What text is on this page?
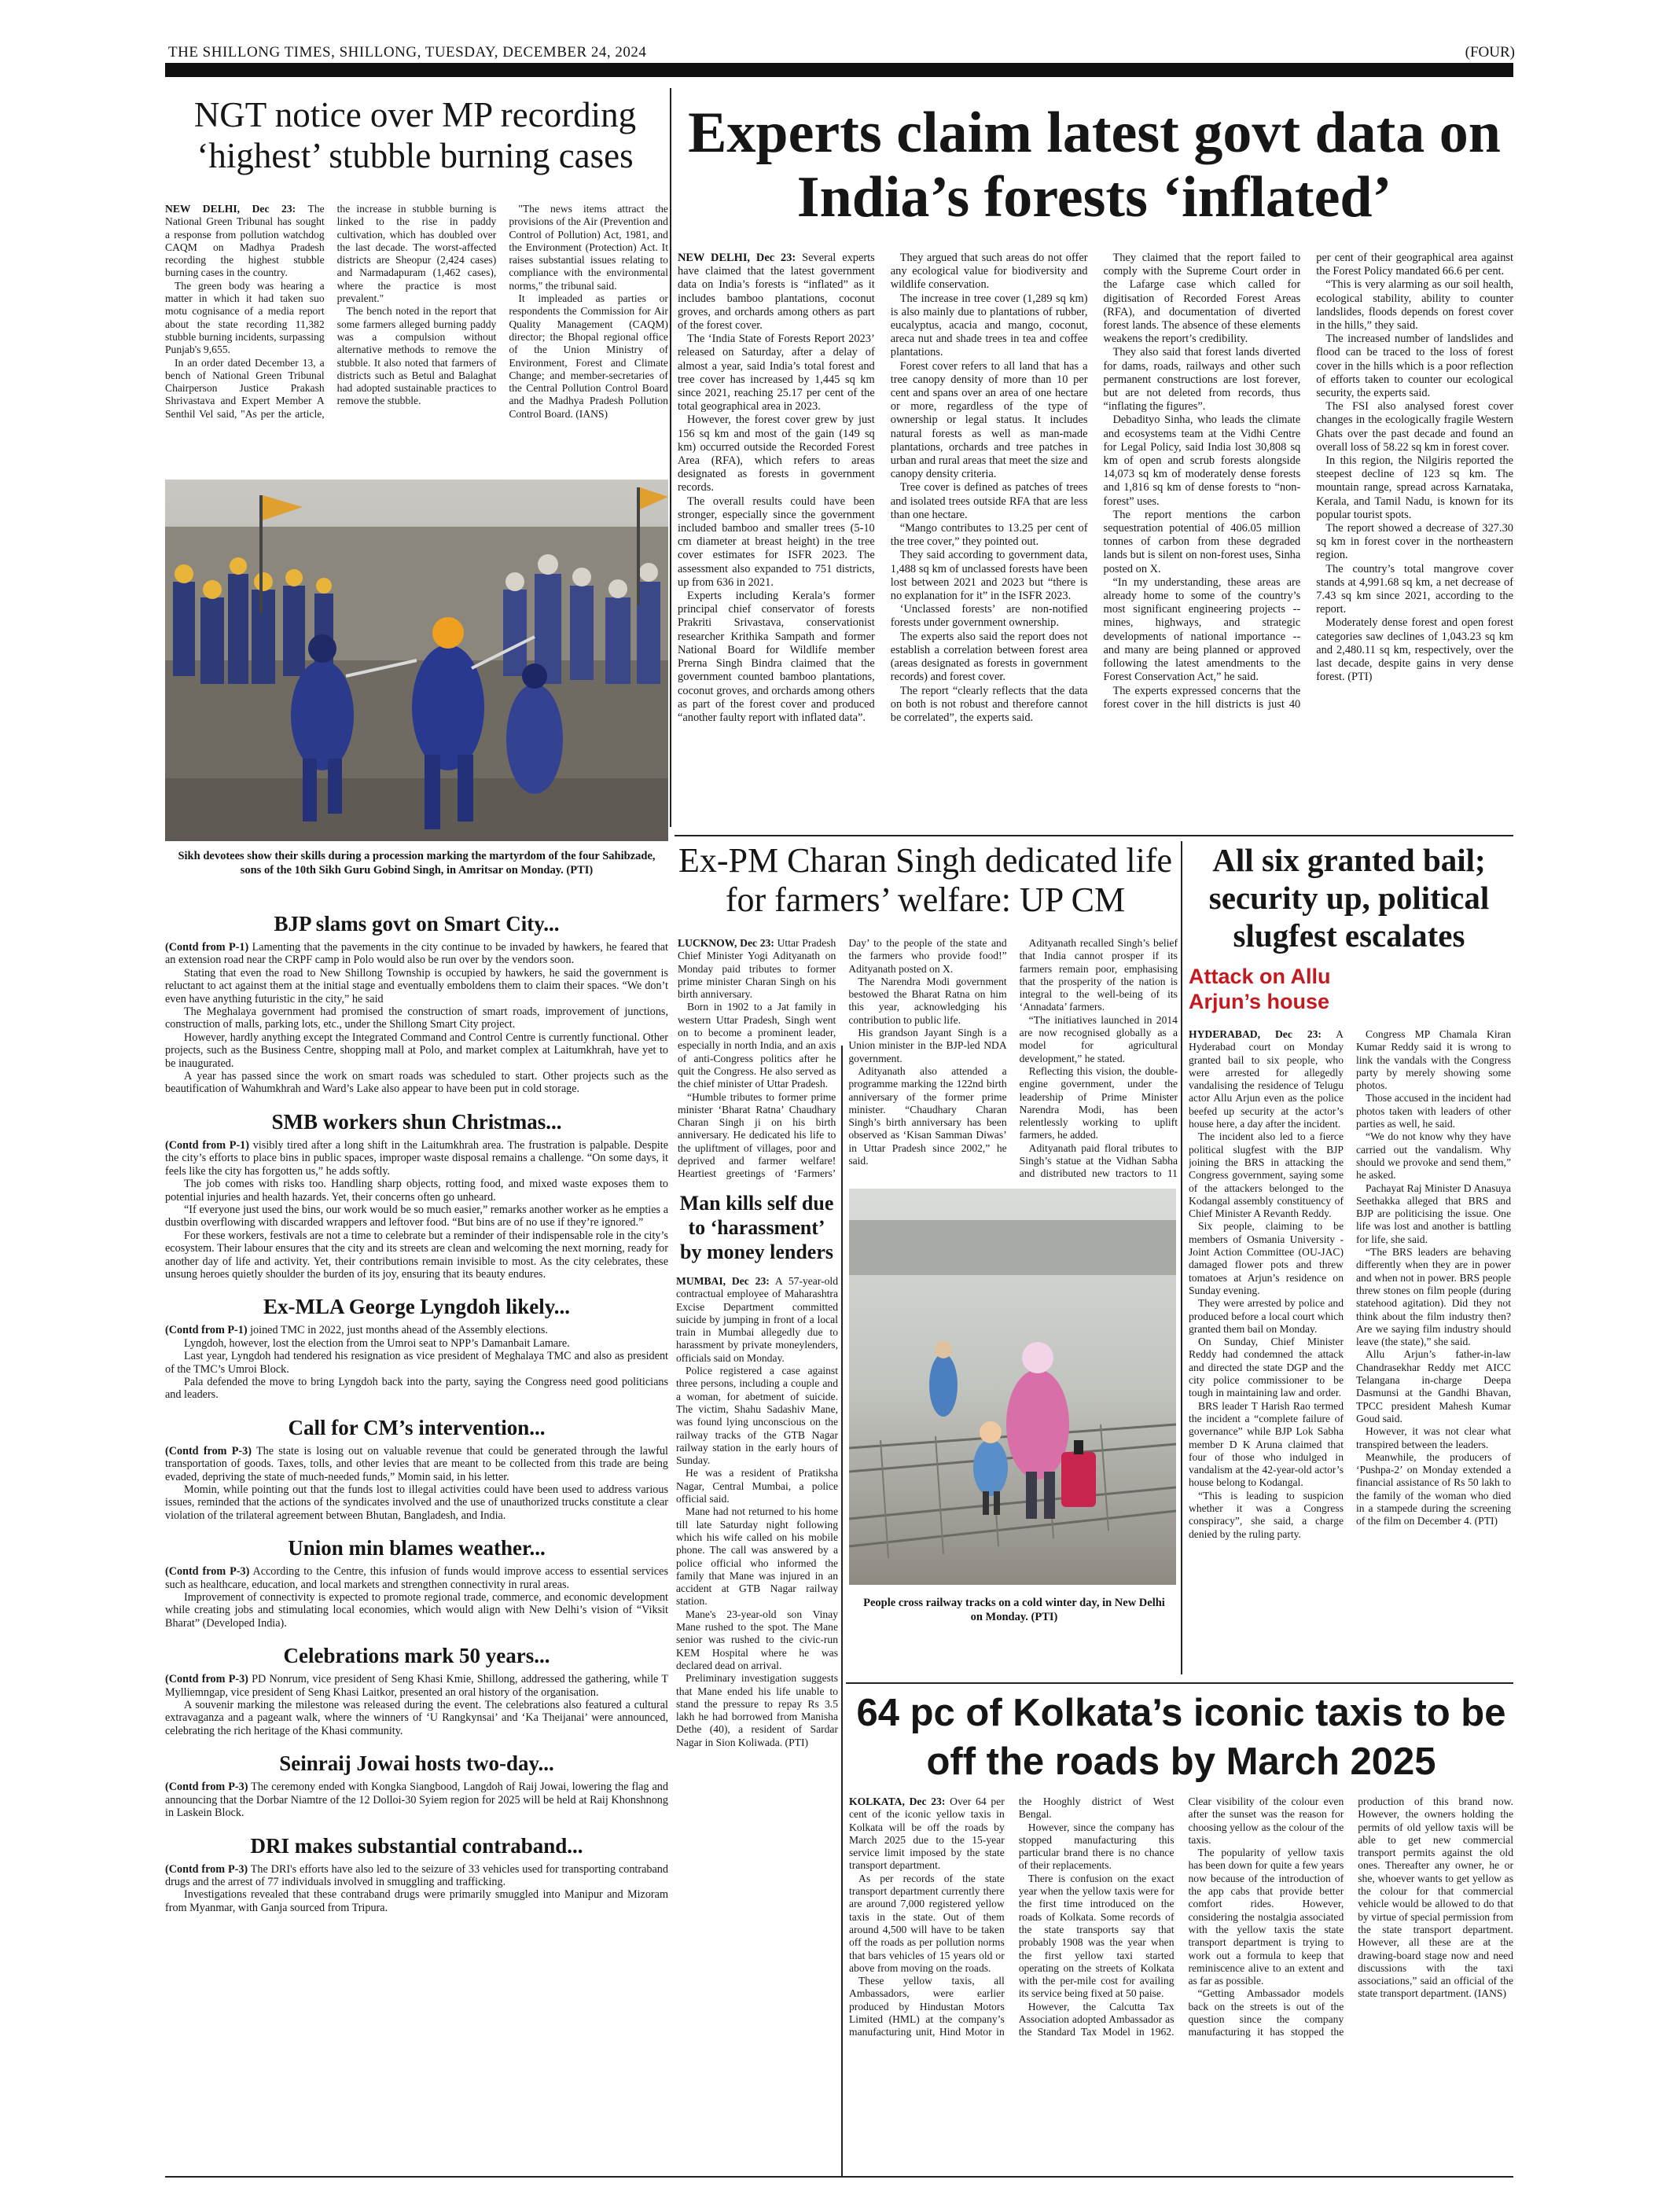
THE SHILLONG TIMES, SHILLONG, TUESDAY, DECEMBER 24, 2024	(FOUR)
NGT notice over MP recording ‘highest’ stubble burning cases

NEW DELHI, Dec 23: The National Green Tribunal has sought a response from pollution watchdog CAQM on Madhya Pradesh recording the highest stubble burning cases in the country.

The green body was hearing a matter in which it had taken suo motu cognisance of a media report about the state recording 11,382 stubble burning incidents, surpassing Punjab's 9,655.

In an order dated December 13, a bench of National Green Tribunal Chairperson Justice Prakash Shrivastava and Expert Member A Senthil Vel said, "As per the article, the increase in stubble burning is linked to the rise in paddy cultivation, which has doubled over the last decade. The worst-affected districts are Sheopur (2,424 cases) and Narmadapuram (1,462 cases), where the practice is most prevalent."

The bench noted in the report that some farmers alleged burning paddy was a compulsion without alternative methods to remove the stubble. It also noted that farmers of districts such as Betul and Balaghat had adopted sustainable practices to remove the stubble.

"The news items attract the provisions of the Air (Prevention and Control of Pollution) Act, 1981, and the Environment (Protection) Act. It raises substantial issues relating to compliance with the environmental norms," the tribunal said.

It impleaded as parties or respondents the Commission for Air Quality Management (CAQM) director; the Bhopal regional office of the Union Ministry of Environment, Forest and Climate Change; and member-secretaries of the Central Pollution Control Board and the Madhya Pradesh Pollution Control Board. (IANS)

Sikh devotees show their skills during a procession marking the martyrdom of the four Sahibzade, sons of the 10th Sikh Guru Gobind Singh, in Amritsar on Monday. (PTI)
Experts claim latest govt data on India’s forests ‘inflated’

NEW DELHI, Dec 23: Several experts have claimed that the latest government data on India’s forests is “inflated” as it includes bamboo plantations, coconut groves, and orchards among others as part of the forest cover.

The ‘India State of Forests Report 2023’ released on Saturday, after a delay of almost a year, said India’s total forest and tree cover has increased by 1,445 sq km since 2021, reaching 25.17 per cent of the total geographical area in 2023.

However, the forest cover grew by just 156 sq km and most of the gain (149 sq km) occurred outside the Recorded Forest Area (RFA), which refers to areas designated as forests in government records.

The overall results could have been stronger, especially since the government included bamboo and smaller trees (5-10 cm diameter at breast height) in the tree cover estimates for ISFR 2023. The assessment also expanded to 751 districts, up from 636 in 2021.

Experts including Kerala’s former principal chief conservator of forests Prakriti Srivastava, conservationist researcher Krithika Sampath and former National Board for Wildlife member Prerna Singh Bindra claimed that the government counted bamboo plantations, coconut groves, and orchards among others as part of the forest cover and produced “another faulty report with inflated data”.

They argued that such areas do not offer any ecological value for biodiversity and wildlife conservation.

The increase in tree cover (1,289 sq km) is also mainly due to plantations of rubber, eucalyptus, acacia and mango, coconut, areca nut and shade trees in tea and coffee plantations.

Forest cover refers to all land that has a tree canopy density of more than 10 per cent and spans over an area of one hectare or more, regardless of the type of ownership or legal status. It includes natural forests as well as man-made plantations, orchards and tree patches in urban and rural areas that meet the size and canopy density criteria.

Tree cover is defined as patches of trees and isolated trees outside RFA that are less than one hectare.

“Mango contributes to 13.25 per cent of the tree cover,” they pointed out.

They said according to government data, 1,488 sq km of unclassed forests have been lost between 2021 and 2023 but “there is no explanation for it” in the ISFR 2023.

‘Unclassed forests’ are non-notified forests under government ownership.

The experts also said the report does not establish a correlation between forest area (areas designated as forests in government records) and forest cover.

The report “clearly reflects that the data on both is not robust and therefore cannot be correlated”, the experts said.

They claimed that the report failed to comply with the Supreme Court order in the Lafarge case which called for digitisation of Recorded Forest Areas (RFA), and documentation of diverted forest lands. The absence of these elements weakens the report’s credibility.

They also said that forest lands diverted for dams, roads, railways and other such permanent constructions are lost forever, but are not deleted from records, thus “inflating the figures”.

Debadityo Sinha, who leads the climate and ecosystems team at the Vidhi Centre for Legal Policy, said India lost 30,808 sq km of open and scrub forests alongside 14,073 sq km of moderately dense forests and 1,816 sq km of dense forests to “non-forest” uses.

The report mentions the carbon sequestration potential of 406.05 million tonnes of carbon from these degraded lands but is silent on non-forest uses, Sinha posted on X.

“In my understanding, these areas are already home to some of the country’s most significant engineering projects -- mines, highways, and strategic developments of national importance -- and many are being planned or approved following the latest amendments to the Forest Conservation Act,” he said.

The experts expressed concerns that the forest cover in the hill districts is just 40 per cent of their geographical area against the Forest Policy mandated 66.6 per cent.

“This is very alarming as our soil health, ecological stability, ability to counter landslides, floods depends on forest cover in the hills,” they said.

The increased number of landslides and flood can be traced to the loss of forest cover in the hills which is a poor reflection of efforts taken to counter our ecological security, the experts said.

The FSI also analysed forest cover changes in the ecologically fragile Western Ghats over the past decade and found an overall loss of 58.22 sq km in forest cover.

In this region, the Nilgiris reported the steepest decline of 123 sq km. The mountain range, spread across Karnataka, Kerala, and Tamil Nadu, is known for its popular tourist spots.

The report showed a decrease of 327.30 sq km in forest cover in the northeastern region.

The country’s total mangrove cover stands at 4,991.68 sq km, a net decrease of 7.43 sq km since 2021, according to the report.

Moderately dense forest and open forest categories saw declines of 1,043.23 sq km and 2,480.11 sq km, respectively, over the last decade, despite gains in very dense forest. (PTI)

BJP slams govt on Smart City...

(Contd from P-1) Lamenting that the pavements in the city continue to be invaded by hawkers, he feared that an extension road near the CRPF camp in Polo would also be run over by the vendors soon.

Stating that even the road to New Shillong Township is occupied by hawkers, he said the government is reluctant to act against them at the initial stage and eventually emboldens them to claim their spaces. “We don’t even have anything futuristic in the city,” he said

The Meghalaya government had promised the construction of smart roads, improvement of junctions, construction of malls, parking lots, etc., under the Shillong Smart City project.

However, hardly anything except the Integrated Command and Control Centre is currently functional. Other projects, such as the Business Centre, shopping mall at Polo, and market complex at Laitumkhrah, have yet to be inaugurated.

A year has passed since the work on smart roads was scheduled to start. Other projects such as the beautification of Wahumkhrah and Ward’s Lake also appear to have been put in cold storage.

SMB workers shun Christmas...

(Contd from P-1) visibly tired after a long shift in the Laitumkhrah area. The frustration is palpable. Despite the city’s efforts to place bins in public spaces, improper waste disposal remains a challenge. “On some days, it feels like the city has forgotten us,” he adds softly.

The job comes with risks too. Handling sharp objects, rotting food, and mixed waste exposes them to potential injuries and health hazards. Yet, their concerns often go unheard.

“If everyone just used the bins, our work would be so much easier,” remarks another worker as he empties a dustbin overflowing with discarded wrappers and leftover food. “But bins are of no use if they’re ignored.”

For these workers, festivals are not a time to celebrate but a reminder of their indispensable role in the city’s ecosystem. Their labour ensures that the city and its streets are clean and welcoming the next morning, ready for another day of life and activity. Yet, their contributions remain invisible to most. As the city celebrates, these unsung heroes quietly shoulder the burden of its joy, ensuring that its beauty endures.

Ex-MLA George Lyngdoh likely...

(Contd from P-1) joined TMC in 2022, just months ahead of the Assembly elections.

Lyngdoh, however, lost the election from the Umroi seat to NPP’s Damanbait Lamare.

Last year, Lyngdoh had tendered his resignation as vice president of Meghalaya TMC and also as president of the TMC’s Umroi Block.

Pala defended the move to bring Lyngdoh back into the party, saying the Congress need good politicians and leaders.

Call for CM’s intervention...

(Contd from P-3) The state is losing out on valuable revenue that could be generated through the lawful transportation of goods. Taxes, tolls, and other levies that are meant to be collected from this trade are being evaded, depriving the state of much-needed funds,” Momin said, in his letter.

Momin, while pointing out that the funds lost to illegal activities could have been used to address various issues, reminded that the actions of the syndicates involved and the use of unauthorized trucks constitute a clear violation of the trilateral agreement between Bhutan, Bangladesh, and India.

Union min blames weather...

(Contd from P-3) According to the Centre, this infusion of funds would improve access to essential services such as healthcare, education, and local markets and strengthen connectivity in rural areas.

Improvement of connectivity is expected to promote regional trade, commerce, and economic development while creating jobs and stimulating local economies, which would align with New Delhi’s vision of “Viksit Bharat” (Developed India).

Celebrations mark 50 years...

(Contd from P-3) PD Nonrum, vice president of Seng Khasi Kmie, Shillong, addressed the gathering, while T Mylliemngap, vice president of Seng Khasi Laitkor, presented an oral history of the organisation.

A souvenir marking the milestone was released during the event. The celebrations also featured a cultural extravaganza and a pageant walk, where the winners of ‘U Rangkynsai’ and ‘Ka Theijanai’ were announced, celebrating the rich heritage of the Khasi community.

Seinraij Jowai hosts two-day...

(Contd from P-3) The ceremony ended with Kongka Siangbood, Langdoh of Raij Jowai, lowering the flag and announcing that the Dorbar Niamtre of the 12 Dolloi-30 Syiem region for 2025 will be held at Raij Khonshnong in Laskein Block.

DRI makes substantial contraband...

(Contd from P-3) The DRI's efforts have also led to the seizure of 33 vehicles used for transporting contraband drugs and the arrest of 77 individuals involved in smuggling and trafficking.

Investigations revealed that these contraband drugs were primarily smuggled into Manipur and Mizoram from Myanmar, with Ganja sourced from Tripura.

Ex-PM Charan Singh dedicated life for farmers’ welfare: UP CM

LUCKNOW, Dec 23: Uttar Pradesh Chief Minister Yogi Adityanath on Monday paid tributes to former prime minister Charan Singh on his birth anniversary.

Born in 1902 to a Jat family in western Uttar Pradesh, Singh went on to become a prominent leader, especially in north India, and an axis of anti-Congress politics after he quit the Congress. He also served as the chief minister of Uttar Pradesh.

“Humble tributes to former prime minister ‘Bharat Ratna’ Chaudhary Charan Singh ji on his birth anniversary. He dedicated his life to the upliftment of villages, poor and deprived and farmer welfare! Heartiest greetings of ‘Farmers’ Day’ to the people of the state and the farmers who provide food!” Adityanath posted on X.

The Narendra Modi government bestowed the Bharat Ratna on him this year, acknowledging his contribution to public life.

His grandson Jayant Singh is a Union minister in the BJP-led NDA government.

Adityanath also attended a programme marking the 122nd birth anniversary of the former prime minister. “Chaudhary Charan Singh’s birth anniversary has been observed as ‘Kisan Samman Diwas’ in Uttar Pradesh since 2002,” he said.

Adityanath recalled Singh’s belief that India cannot prosper if its farmers remain poor, emphasising that the prosperity of the nation is integral to the well-being of its ‘Annadata’ farmers.

“The initiatives launched in 2014 are now recognised globally as a model for agricultural development,” he stated.

Reflecting this vision, the double-engine government, under the leadership of Prime Minister Narendra Modi, has been relentlessly working to uplift farmers, he added.

Adityanath paid floral tributes to Singh’s statue at the Vidhan Sabha and distributed new tractors to 11

All six granted bail; security up, political slugfest escalates
Attack on Allu Arjun’s house

HYDERABAD, Dec 23: A Hyderabad court on Monday granted bail to six people, who were arrested for allegedly vandalising the residence of Telugu actor Allu Arjun even as the police beefed up security at the actor’s house here, a day after the incident.

The incident also led to a fierce political slugfest with the BJP joining the BRS in attacking the Congress government, saying some of the attackers belonged to the Kodangal assembly constituency of Chief Minister A Revanth Reddy.

Six people, claiming to be members of Osmania University - Joint Action Committee (OU-JAC) damaged flower pots and threw tomatoes at Arjun’s residence on Sunday evening.

They were arrested by police and produced before a local court which granted them bail on Monday.

On Sunday, Chief Minister Reddy had condemned the attack and directed the state DGP and the city police commissioner to be tough in maintaining law and order.

BRS leader T Harish Rao termed the incident a “complete failure of governance” while BJP Lok Sabha member D K Aruna claimed that four of those who indulged in vandalism at the 42-year-old actor’s house belong to Kodangal.

“This is leading to suspicion whether it was a Congress conspiracy”, she said, a charge denied by the ruling party.

Congress MP Chamala Kiran Kumar Reddy said it is wrong to link the vandals with the Congress party by merely showing some photos.

Those accused in the incident had photos taken with leaders of other parties as well, he said.

“We do not know why they have carried out the vandalism. Why should we provoke and send them,” he asked.

Pachayat Raj Minister D Anasuya Seethakka alleged that BRS and BJP are politicising the issue. One life was lost and another is battling for life, she said.

“The BRS leaders are behaving differently when they are in power and when not in power. BRS people threw stones on film people (during statehood agitation). Did they not think about the film industry then? Are we saying film industry should leave (the state),” she said.

Allu Arjun’s father-in-law Chandrasekhar Reddy met AICC Telangana in-charge Deepa Dasmunsi at the Gandhi Bhavan, TPCC president Mahesh Kumar Goud said.

However, it was not clear what transpired between the leaders.

Meanwhile, the producers of ‘Pushpa-2’ on Monday extended a financial assistance of Rs 50 lakh to the family of the woman who died in a stampede during the screening of the film on December 4. (PTI)

Man kills self due to ‘harassment’ by money lenders

MUMBAI, Dec 23: A 57-year-old contractual employee of Maharashtra Excise Department committed suicide by jumping in front of a local train in Mumbai allegedly due to harassment by private moneylenders, officials said on Monday.

Police registered a case against three persons, including a couple and a woman, for abetment of suicide. The victim, Shahu Sadashiv Mane, was found lying unconscious on the railway tracks of the GTB Nagar railway station in the early hours of Sunday.

He was a resident of Pratiksha Nagar, Central Mumbai, a police official said.

Mane had not returned to his home till late Saturday night following which his wife called on his mobile phone. The call was answered by a police official who informed the family that Mane was injured in an accident at GTB Nagar railway station.

Mane's 23-year-old son Vinay Mane rushed to the spot. The Mane senior was rushed to the civic-run KEM Hospital where he was declared dead on arrival.

Preliminary investigation suggests that Mane ended his life unable to stand the pressure to repay Rs 3.5 lakh he had borrowed from Manisha Dethe (40), a resident of Sardar Nagar in Sion Koliwada. (PTI)

People cross railway tracks on a cold winter day, in New Delhi on Monday. (PTI)
64 pc of Kolkata’s iconic taxis to be off the roads by March 2025

KOLKATA, Dec 23: Over 64 per cent of the iconic yellow taxis in Kolkata will be off the roads by March 2025 due to the 15-year service limit imposed by the state transport department.

As per records of the state transport department currently there are around 7,000 registered yellow taxis in the state. Out of them around 4,500 will have to be taken off the roads as per pollution norms that bars vehicles of 15 years old or above from moving on the roads.

These yellow taxis, all Ambassadors, were earlier produced by Hindustan Motors Limited (HML) at the company’s manufacturing unit, Hind Motor in the Hooghly district of West Bengal.

However, since the company has stopped manufacturing this particular brand there is no chance of their replacements.

There is confusion on the exact year when the yellow taxis were for the first time introduced on the roads of Kolkata. Some records of the state transports say that probably 1908 was the year when the first yellow taxi started operating on the streets of Kolkata with the per-mile cost for availing its service being fixed at 50 paise.

However, the Calcutta Tax Association adopted Ambassador as the Standard Tax Model in 1962. Clear visibility of the colour even after the sunset was the reason for choosing yellow as the colour of the taxis.

The popularity of yellow taxis has been down for quite a few years now because of the introduction of the app cabs that provide better comfort rides. However, considering the nostalgia associated with the yellow taxis the state transport department is trying to work out a formula to keep that reminiscence alive to an extent and as far as possible.

“Getting Ambassador models back on the streets is out of the question since the company manufacturing it has stopped the production of this brand now. However, the owners holding the permits of old yellow taxis will be able to get new commercial transport permits against the old ones. Thereafter any owner, he or she, whoever wants to get yellow as the colour for that commercial vehicle would be allowed to do that by virtue of special permission from the state transport department. However, all these are at the drawing-board stage now and need discussions with the taxi associations,” said an official of the state transport department. (IANS)
